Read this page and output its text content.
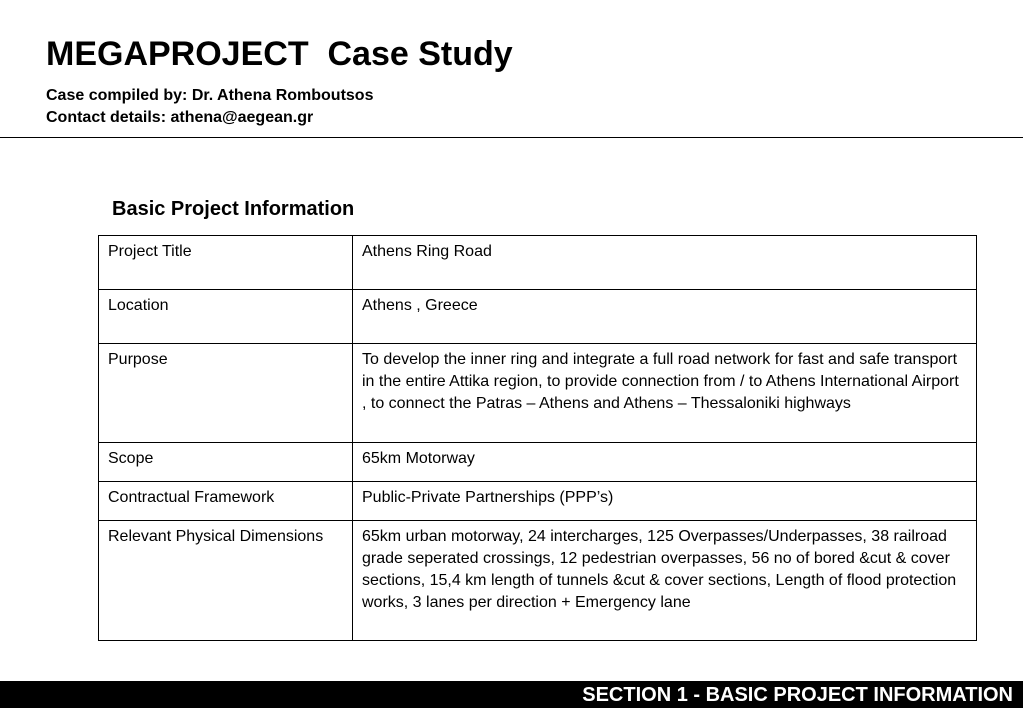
MEGAPROJECT  Case Study
Case compiled by: Dr. Athena Romboutsos
Contact details: athena@aegean.gr
Basic Project Information
Project Title	Athens Ring Road
Location	Athens , Greece
Purpose	To develop the inner ring and integrate a full road network for fast and safe transport in the entire Attika region, to provide connection from / to Athens International Airport , to connect the Patras – Athens and Athens – Thessaloniki highways
Scope	65km Motorway
Contractual Framework	Public-Private Partnerships (PPP’s)
Relevant Physical Dimensions	65km urban motorway, 24 intercharges, 125 Overpasses/Underpasses, 38 railroad grade seperated crossings, 12 pedestrian overpasses, 56 no of bored &cut & cover sections, 15,4 km length of tunnels &cut & cover sections, Length of flood protection works, 3 lanes per direction + Emergency lane
SECTION 1 - BASIC PROJECT INFORMATION
